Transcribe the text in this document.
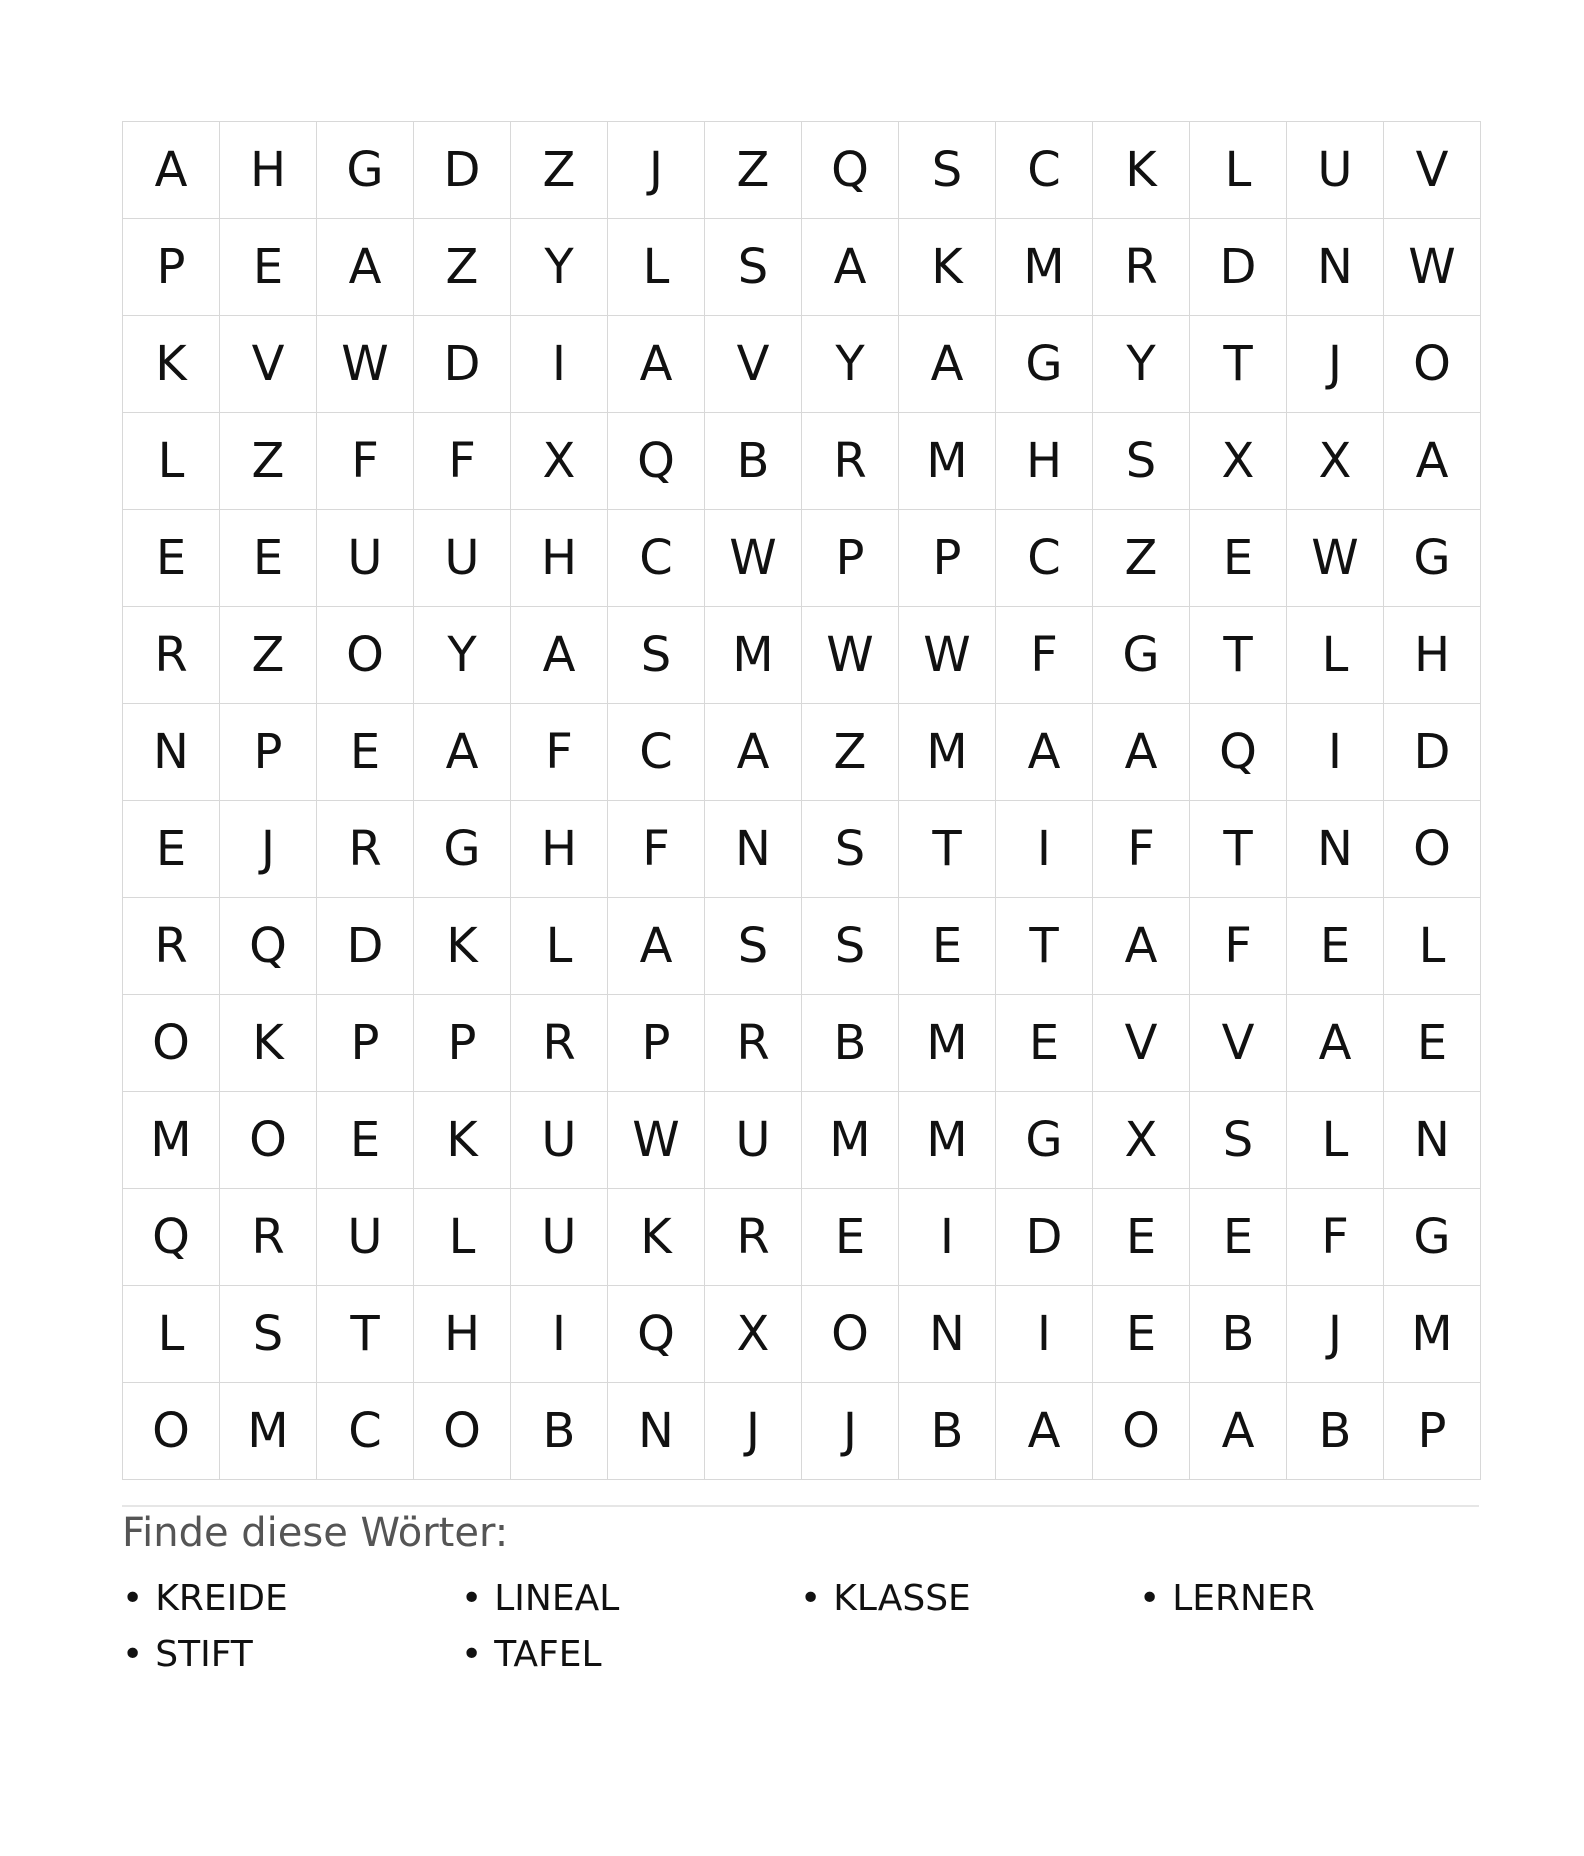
A	H	G	D	Z	J	Z	Q	S	C	K	L	U	V
P	E	A	Z	Y	L	S	A	K	M	R	D	N	W
K	V	W	D	I	A	V	Y	A	G	Y	T	J	O
L	Z	F	F	X	Q	B	R	M	H	S	X	X	A
E	E	U	U	H	C	W	P	P	C	Z	E	W	G
R	Z	O	Y	A	S	M	W	W	F	G	T	L	H
N	P	E	A	F	C	A	Z	M	A	A	Q	I	D
E	J	R	G	H	F	N	S	T	I	F	T	N	O
R	Q	D	K	L	A	S	S	E	T	A	F	E	L
O	K	P	P	R	P	R	B	M	E	V	V	A	E
M	O	E	K	U	W	U	M	M	G	X	S	L	N
Q	R	U	L	U	K	R	E	I	D	E	E	F	G
L	S	T	H	I	Q	X	O	N	I	E	B	J	M
O	M	C	O	B	N	J	J	B	A	O	A	B	P
Finde diese Wörter:
• KREIDE	• LINEAL	• KLASSE	• LERNER
• STIFT	• TAFEL
